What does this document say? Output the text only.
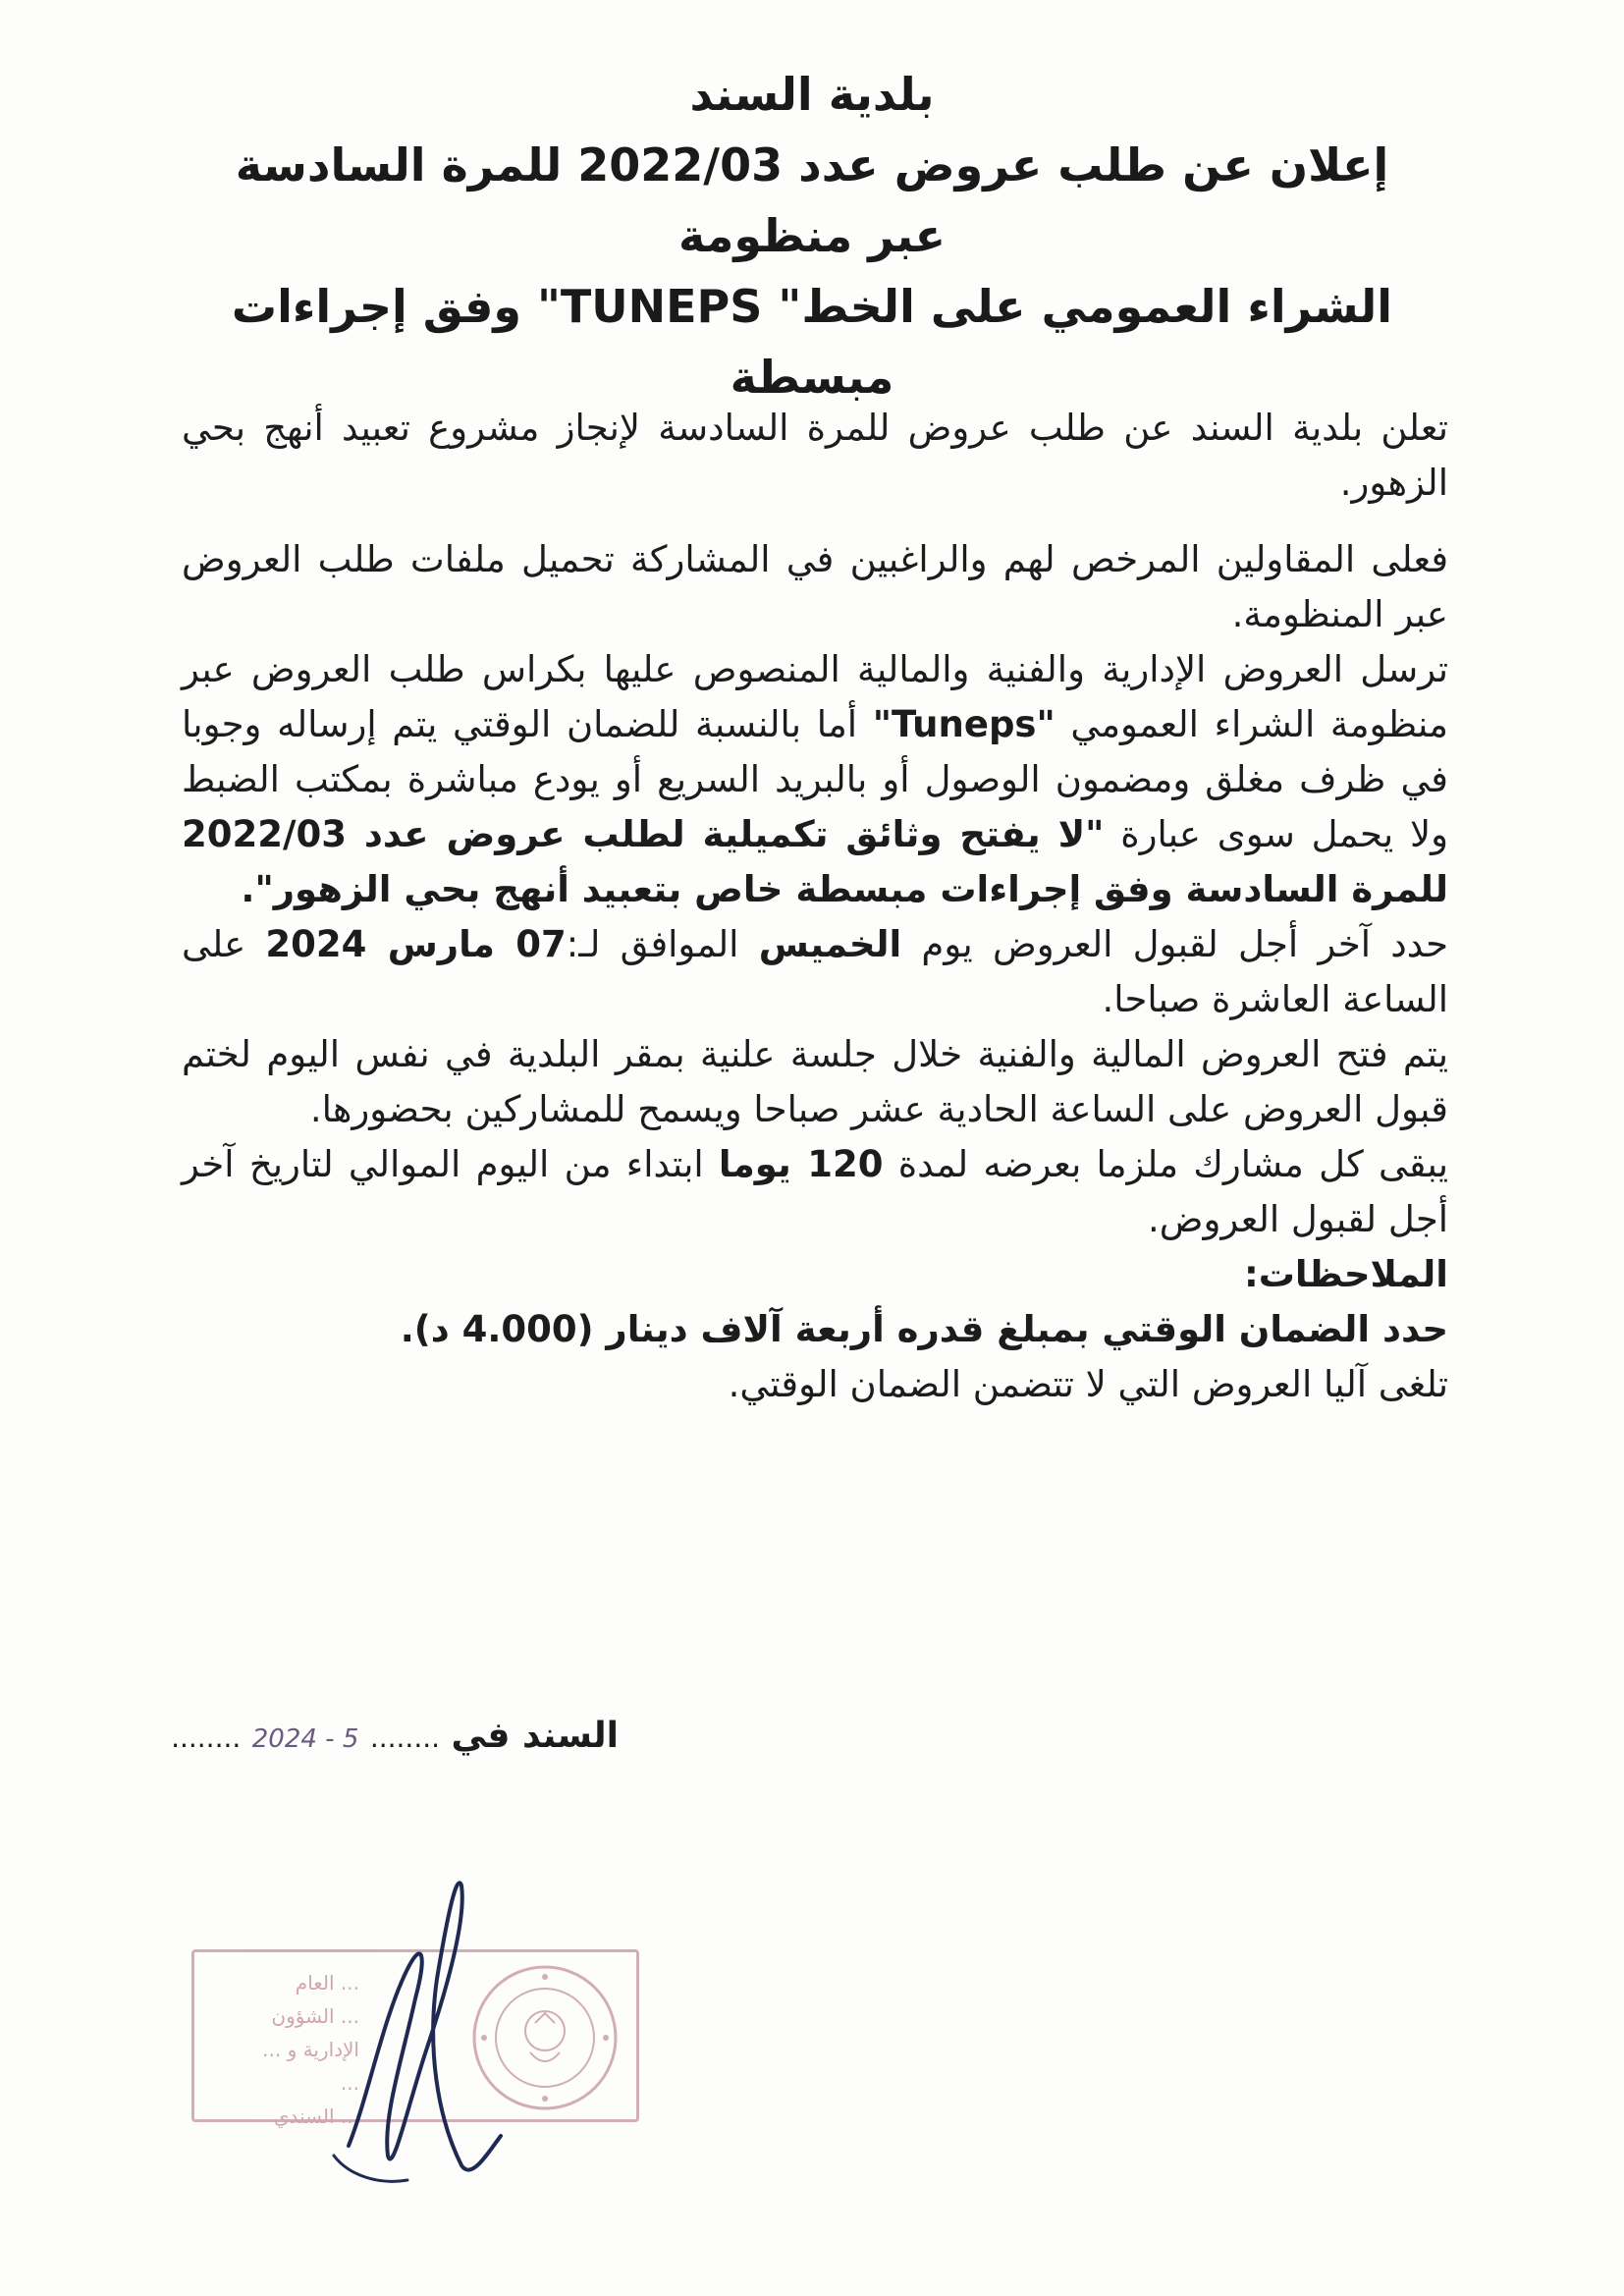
بلدية السند
إعلان عن طلب عروض عدد 2022/03 للمرة السادسة عبر منظومة
الشراء العمومي على الخط" TUNEPS" وفق إجراءات مبسطة

تعلن بلدية السند عن طلب عروض للمرة السادسة لإنجاز مشروع تعبيد أنهج بحي الزهور.

فعلى المقاولين المرخص لهم والراغبين في المشاركة تحميل ملفات طلب العروض عبر المنظومة.

ترسل العروض الإدارية والفنية والمالية المنصوص عليها بكراس طلب العروض عبر منظومة الشراء العمومي "Tuneps" أما بالنسبة للضمان الوقتي يتم إرساله وجوبا في ظرف مغلق ومضمون الوصول أو بالبريد السريع أو يودع مباشرة بمكتب الضبط ولا يحمل سوى عبارة "لا يفتح وثائق تكميلية لطلب عروض عدد 2022/03 للمرة السادسة وفق إجراءات مبسطة خاص بتعبيد أنهج بحي الزهور".

حدد آخر أجل لقبول العروض يوم الخميس الموافق لـ:07 مارس 2024 على الساعة العاشرة صباحا.

يتم فتح العروض المالية والفنية خلال جلسة علنية بمقر البلدية في نفس اليوم لختم قبول العروض على الساعة الحادية عشر صباحا ويسمح للمشاركين بحضورها.

يبقى كل مشارك ملزما بعرضه لمدة 120 يوما ابتداء من اليوم الموالي لتاريخ آخر أجل لقبول العروض.

الملاحظات:

حدد الضمان الوقتي بمبلغ قدره أربعة آلاف دينار (4.000 د).

تلغى آليا العروض التي لا تتضمن الضمان الوقتي.

السند في ........ 5 - 2024 ........
... العام
... الشؤون الإدارية و ...
...
... السندي
